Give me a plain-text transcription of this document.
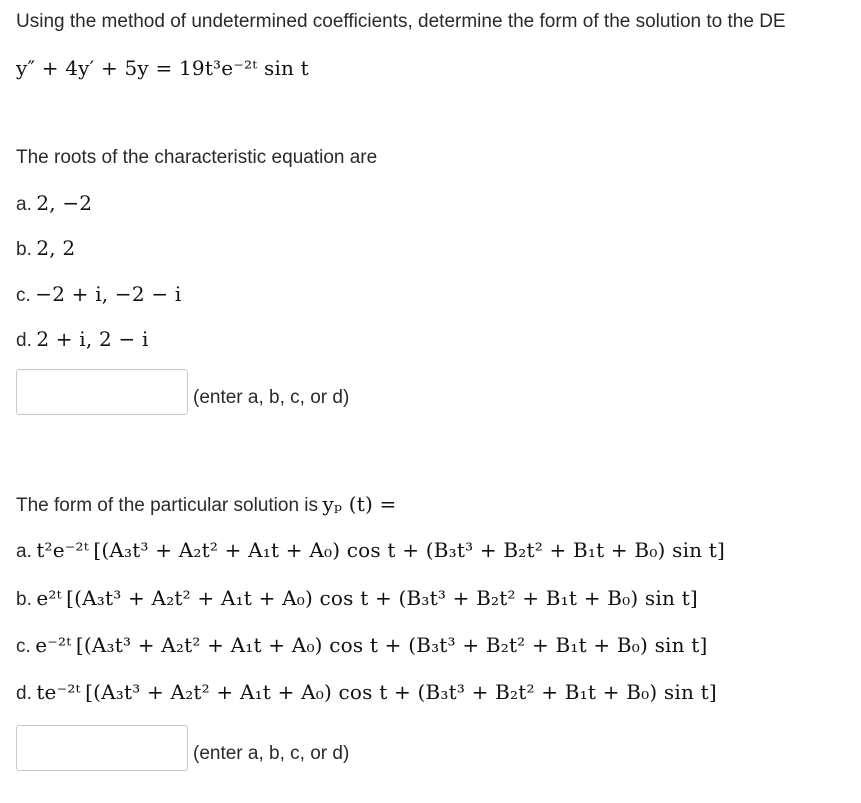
Using the method of undetermined coefficients, determine the form of the solution to the DE
y″ + 4y′ + 5y = 19t³e⁻²ᵗ sin t
The roots of the characteristic equation are
a. 2, −2
b. 2, 2
c. −2 + i, −2 − i
d. 2 + i, 2 − i
(enter a, b, c, or d)
The form of the particular solution is yₚ (t) =
a. t²e⁻²ᵗ [(A₃t³ + A₂t² + A₁t + A₀) cos t + (B₃t³ + B₂t² + B₁t + B₀) sin t]
b. e²ᵗ [(A₃t³ + A₂t² + A₁t + A₀) cos t + (B₃t³ + B₂t² + B₁t + B₀) sin t]
c. e⁻²ᵗ [(A₃t³ + A₂t² + A₁t + A₀) cos t + (B₃t³ + B₂t² + B₁t + B₀) sin t]
d. te⁻²ᵗ [(A₃t³ + A₂t² + A₁t + A₀) cos t + (B₃t³ + B₂t² + B₁t + B₀) sin t]
(enter a, b, c, or d)
